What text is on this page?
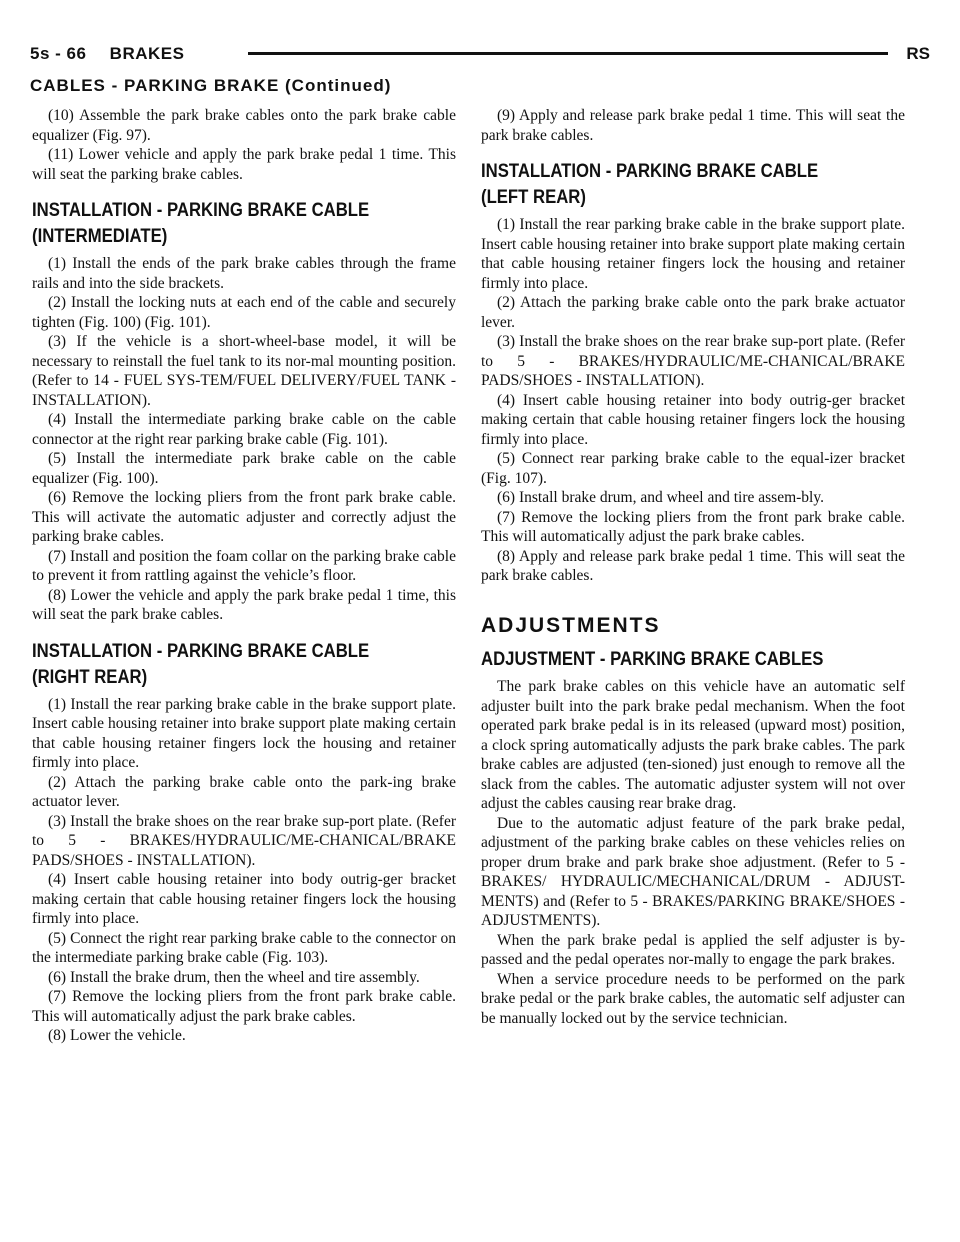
5s - 66 BRAKES	RS
CABLES - PARKING BRAKE (Continued)

(10) Assemble the park brake cables onto the park brake cable equalizer (Fig. 97).

(11) Lower vehicle and apply the park brake pedal 1 time. This will seat the parking brake cables.

INSTALLATION - PARKING BRAKE CABLE
(INTERMEDIATE)

(1) Install the ends of the park brake cables through the frame rails and into the side brackets.

(2) Install the locking nuts at each end of the cable and securely tighten (Fig. 100) (Fig. 101).

(3) If the vehicle is a short-wheel-base model, it will be necessary to reinstall the fuel tank to its nor-mal mounting position. (Refer to 14 - FUEL SYS-TEM/FUEL DELIVERY/FUEL TANK - INSTALLATION).

(4) Install the intermediate parking brake cable on the cable connector at the right rear parking brake cable (Fig. 101).

(5) Install the intermediate park brake cable on the cable equalizer (Fig. 100).

(6) Remove the locking pliers from the front park brake cable. This will activate the automatic adjuster and correctly adjust the parking brake cables.

(7) Install and position the foam collar on the parking brake cable to prevent it from rattling against the vehicle’s floor.

(8) Lower the vehicle and apply the park brake pedal 1 time, this will seat the park brake cables.

INSTALLATION - PARKING BRAKE CABLE
(RIGHT REAR)

(1) Install the rear parking brake cable in the brake support plate. Insert cable housing retainer into brake support plate making certain that cable housing retainer fingers lock the housing and retainer firmly into place.

(2) Attach the parking brake cable onto the park-ing brake actuator lever.

(3) Install the brake shoes on the rear brake sup-port plate. (Refer to 5 - BRAKES/HYDRAULIC/ME-CHANICAL/BRAKE PADS/SHOES - INSTALLATION).

(4) Insert cable housing retainer into body outrig-ger bracket making certain that cable housing retainer fingers lock the housing firmly into place.

(5) Connect the right rear parking brake cable to the connector on the intermediate parking brake cable (Fig. 103).

(6) Install the brake drum, then the wheel and tire assembly.

(7) Remove the locking pliers from the front park brake cable. This will automatically adjust the park brake cables.

(8) Lower the vehicle.

(9) Apply and release park brake pedal 1 time. This will seat the park brake cables.

INSTALLATION - PARKING BRAKE CABLE
(LEFT REAR)

(1) Install the rear parking brake cable in the brake support plate. Insert cable housing retainer into brake support plate making certain that cable housing retainer fingers lock the housing and retainer firmly into place.

(2) Attach the parking brake cable onto the park brake actuator lever.

(3) Install the brake shoes on the rear brake sup-port plate. (Refer to 5 - BRAKES/HYDRAULIC/ME-CHANICAL/BRAKE PADS/SHOES - INSTALLATION).

(4) Insert cable housing retainer into body outrig-ger bracket making certain that cable housing retainer fingers lock the housing firmly into place.

(5) Connect rear parking brake cable to the equal-izer bracket (Fig. 107).

(6) Install brake drum, and wheel and tire assem-bly.

(7) Remove the locking pliers from the front park brake cable. This will automatically adjust the park brake cables.

(8) Apply and release park brake pedal 1 time. This will seat the park brake cables.

ADJUSTMENTS
ADJUSTMENT - PARKING BRAKE CABLES

The park brake cables on this vehicle have an automatic self adjuster built into the park brake pedal mechanism. When the foot operated park brake pedal is in its released (upward most) position, a clock spring automatically adjusts the park brake cables. The park brake cables are adjusted (ten-sioned) just enough to remove all the slack from the cables. The automatic adjuster system will not over adjust the cables causing rear brake drag.

Due to the automatic adjust feature of the park brake pedal, adjustment of the parking brake cables on these vehicles relies on proper drum brake and park brake shoe adjustment. (Refer to 5 - BRAKES/ HYDRAULIC/MECHANICAL/DRUM - ADJUST-MENTS) and (Refer to 5 - BRAKES/PARKING BRAKE/SHOES - ADJUSTMENTS).

When the park brake pedal is applied the self adjuster is by-passed and the pedal operates nor-mally to engage the park brakes.

When a service procedure needs to be performed on the park brake pedal or the park brake cables, the automatic self adjuster can be manually locked out by the service technician.
